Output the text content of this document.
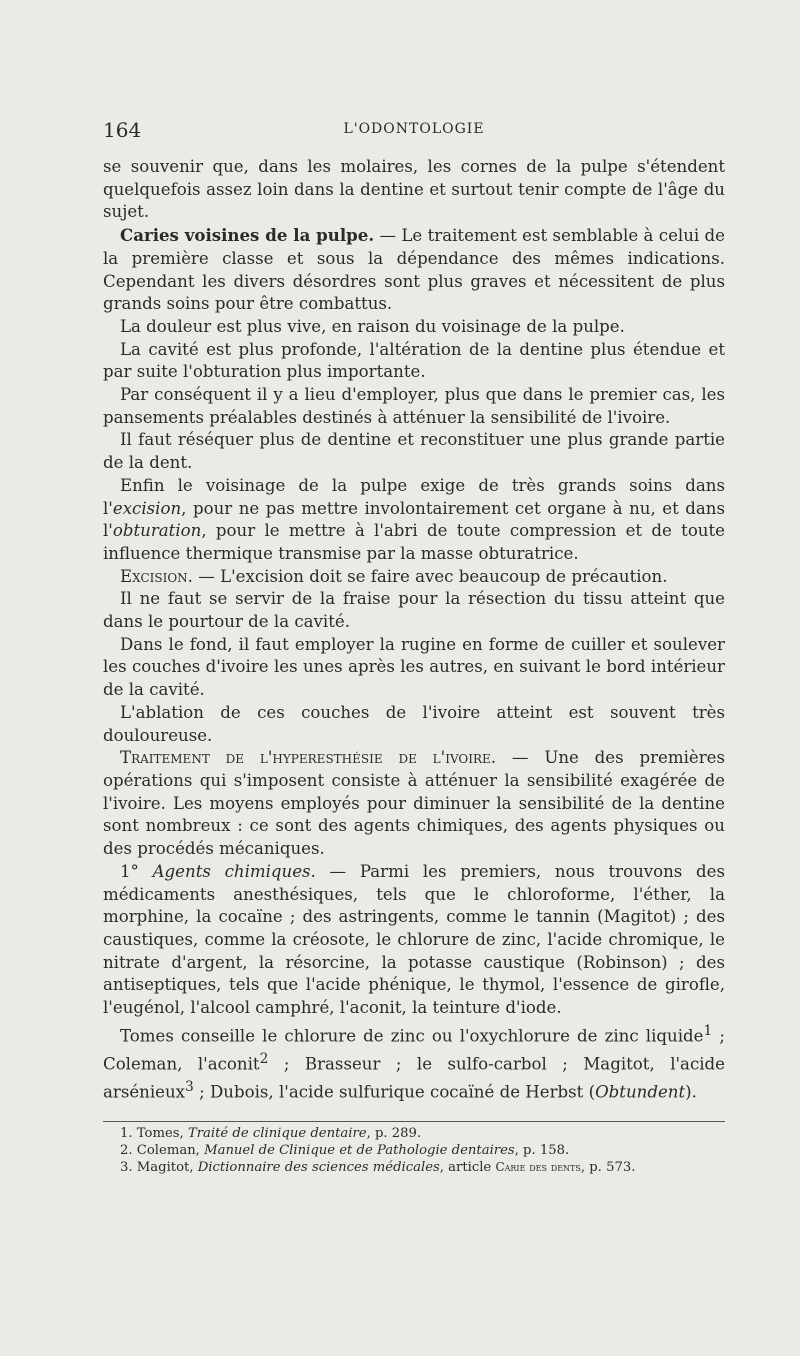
164	L'ODONTOLOGIE

se souvenir que, dans les molaires, les cornes de la pulpe s'étendent quelquefois assez loin dans la dentine et surtout tenir compte de l'âge du sujet.

Caries voisines de la pulpe. — Le traitement est semblable à celui de la première classe et sous la dépendance des mêmes indications. Cependant les divers désordres sont plus graves et nécessitent de plus grands soins pour être combattus.

La douleur est plus vive, en raison du voisinage de la pulpe.

La cavité est plus profonde, l'altération de la dentine plus étendue et par suite l'obturation plus importante.

Par conséquent il y a lieu d'employer, plus que dans le premier cas, les pansements préalables destinés à atténuer la sensibilité de l'ivoire.

Il faut réséquer plus de dentine et reconstituer une plus grande partie de la dent.

Enfin le voisinage de la pulpe exige de très grands soins dans l'excision, pour ne pas mettre involontairement cet organe à nu, et dans l'obturation, pour le mettre à l'abri de toute compression et de toute influence thermique transmise par la masse obturatrice.

Excision. — L'excision doit se faire avec beaucoup de précaution.

Il ne faut se servir de la fraise pour la résection du tissu atteint que dans le pourtour de la cavité.

Dans le fond, il faut employer la rugine en forme de cuiller et soulever les couches d'ivoire les unes après les autres, en suivant le bord intérieur de la cavité.

L'ablation de ces couches de l'ivoire atteint est souvent très douloureuse.

Traitement de l'hyperesthésie de l'ivoire. — Une des premières opérations qui s'imposent consiste à atténuer la sensibilité exagérée de l'ivoire. Les moyens employés pour diminuer la sensibilité de la dentine sont nombreux : ce sont des agents chimiques, des agents physiques ou des procédés mécaniques.

1° Agents chimiques. — Parmi les premiers, nous trouvons des médicaments anesthésiques, tels que le chloroforme, l'éther, la morphine, la cocaïne ; des astringents, comme le tannin (Magitot) ; des caustiques, comme la créosote, le chlorure de zinc, l'acide chromique, le nitrate d'argent, la résorcine, la potasse caustique (Robinson) ; des antiseptiques, tels que l'acide phénique, le thymol, l'essence de girofle, l'eugénol, l'alcool camphré, l'aconit, la teinture d'iode.

Tomes conseille le chlorure de zinc ou l'oxychlorure de zinc liquide$^1$ ; Coleman, l'aconit$^2$ ; Brasseur ; le sulfo-carbol ; Magitot, l'acide arsénieux$^3$ ; Dubois, l'acide sulfurique cocaïné de Herbst (Obtundent).

1. Tomes, Traité de clinique dentaire, p. 289.

2. Coleman, Manuel de Clinique et de Pathologie dentaires, p. 158.

3. Magitot, Dictionnaire des sciences médicales, article Carie des dents, p. 573.
